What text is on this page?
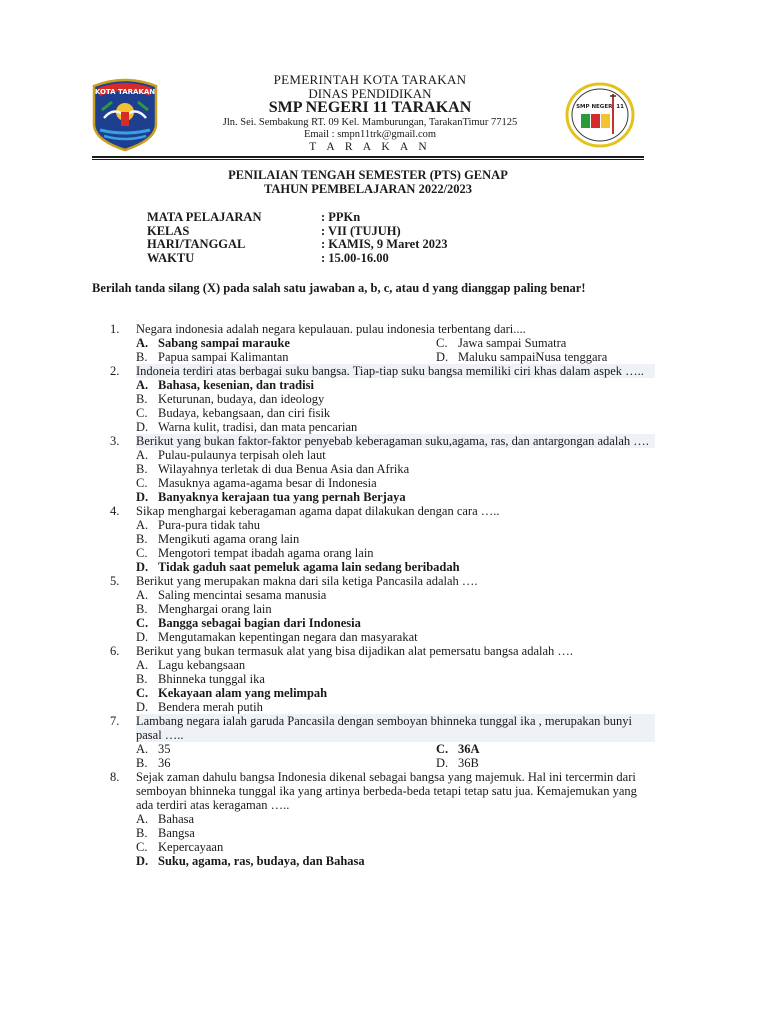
KOTA TARAKAN
SMP NEGERI 11
PEMERINTAH KOTA TARAKAN
DINAS PENDIDIKAN
SMP NEGERI 11 TARAKAN
Jln. Sei. Sembakung RT. 09 Kel. Mamburungan, TarakanTimur 77125
Email : smpn11trk@gmail.com
T A R A K A N
PENILAIAN TENGAH SEMESTER (PTS) GENAP
TAHUN PEMBELAJARAN 2022/2023
MATA PELAJARAN	: PPKn
KELAS	: VII (TUJUH)
HARI/TANGGAL	: KAMIS, 9 Maret 2023
WAKTU	: 15.00-16.00
Berilah tanda silang (X) pada salah satu jawaban a, b, c, atau d yang dianggap paling benar!
1.	Negara indonesia adalah negara kepulauan. pulau indonesia terbentang dari....
A. Sabang sampai marauke	C. Jawa sampai Sumatra
B. Papua sampai Kalimantan	D. Maluku sampaiNusa tenggara
2.	Indoneia terdiri atas berbagai suku bangsa. Tiap-tiap suku bangsa memiliki ciri khas dalam aspek …..
A. Bahasa, kesenian, dan tradisi
B. Keturunan, budaya, dan ideology
C. Budaya, kebangsaan, dan ciri fisik
D. Warna kulit, tradisi, dan mata pencarian
3.	Berikut yang bukan faktor-faktor penyebab keberagaman suku,agama, ras, dan antargongan adalah ….
A. Pulau-pulaunya terpisah oleh laut
B. Wilayahnya terletak di dua Benua Asia dan Afrika
C. Masuknya agama-agama besar di Indonesia
D. Banyaknya kerajaan tua yang pernah Berjaya
4.	Sikap menghargai keberagaman agama dapat dilakukan dengan cara …..
A. Pura-pura tidak tahu
B. Mengikuti agama orang lain
C. Mengotori tempat ibadah agama orang lain
D. Tidak gaduh saat pemeluk agama lain sedang beribadah
5.	Berikut yang merupakan makna dari sila ketiga Pancasila adalah ….
A. Saling mencintai sesama manusia
B. Menghargai orang lain
C. Bangga sebagai bagian dari Indonesia
D. Mengutamakan kepentingan negara dan masyarakat
6.	Berikut yang bukan termasuk alat yang bisa dijadikan alat pemersatu bangsa adalah ….
A. Lagu kebangsaan
B. Bhinneka tunggal ika
C. Kekayaan alam yang melimpah
D. Bendera merah putih
7.	Lambang negara ialah garuda Pancasila dengan semboyan bhinneka tunggal ika , merupakan bunyi pasal …..
A. 35	C. 36A
B. 36	D. 36B
8.	Sejak zaman dahulu bangsa Indonesia dikenal sebagai bangsa yang majemuk. Hal ini tercermin dari semboyan bhinneka tunggal ika yang artinya berbeda-beda tetapi tetap satu jua. Kemajemukan yang ada terdiri atas keragaman …..
A. Bahasa
B. Bangsa
C. Kepercayaan
D. Suku, agama, ras, budaya, dan Bahasa
